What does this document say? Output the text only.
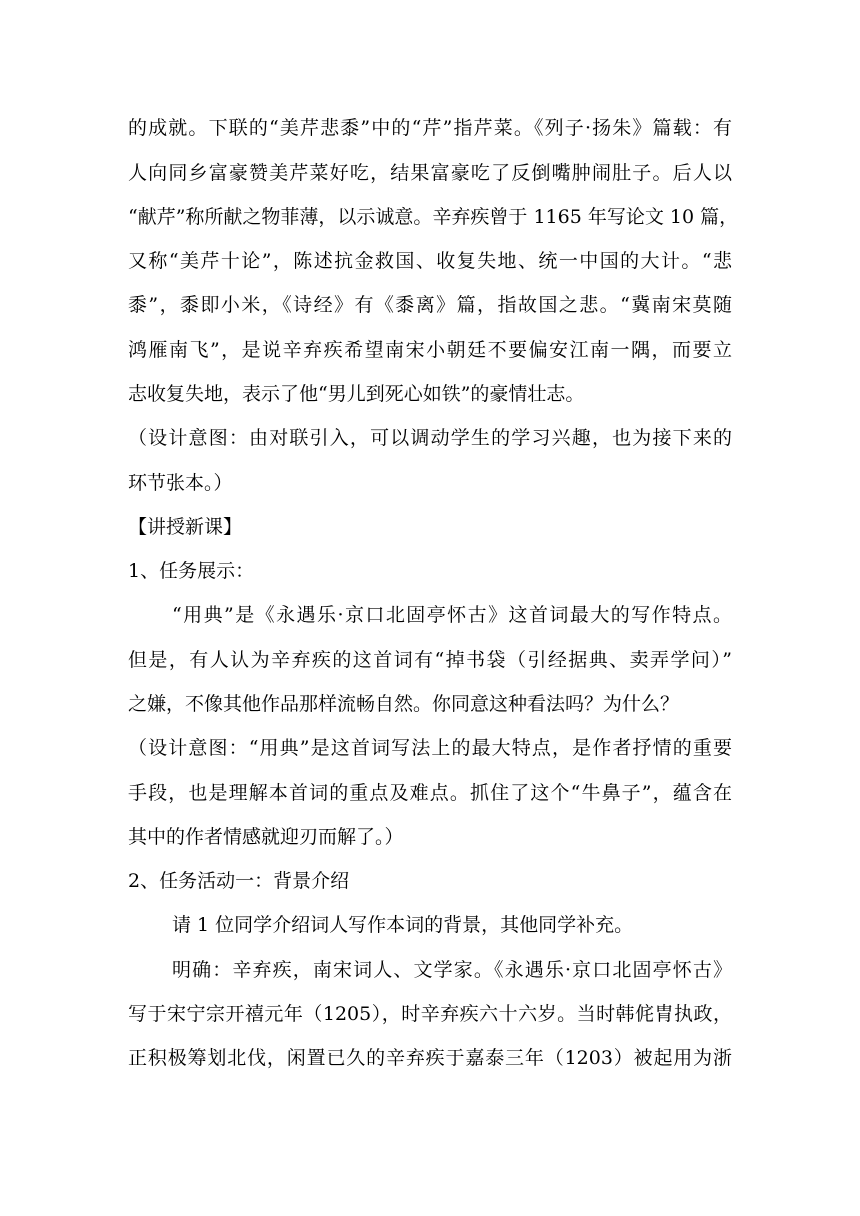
的成就。下联的“美芹悲黍”中的“芹”指芹菜。《列子·扬朱》篇载：有
人向同乡富豪赞美芹菜好吃，结果富豪吃了反倒嘴肿闹肚子。后人以
“献芹”称所献之物菲薄，以示诚意。辛弃疾曾于 1165 年写论文 10 篇，
又称“美芹十论”，陈述抗金救国、收复失地、统一中国的大计。“悲
黍”，黍即小米，《诗经》有《黍离》篇，指故国之悲。“冀南宋莫随
鸿雁南飞”，是说辛弃疾希望南宋小朝廷不要偏安江南一隅，而要立
志收复失地，表示了他“男儿到死心如铁”的豪情壮志。
（设计意图：由对联引入，可以调动学生的学习兴趣，也为接下来的
环节张本。）
【讲授新课】
1、任务展示：
“用典”是《永遇乐·京口北固亭怀古》这首词最大的写作特点。
但是，有人认为辛弃疾的这首词有“掉书袋（引经据典、卖弄学问）”
之嫌，不像其他作品那样流畅自然。你同意这种看法吗？为什么？
（设计意图：“用典”是这首词写法上的最大特点，是作者抒情的重要
手段，也是理解本首词的重点及难点。抓住了这个“牛鼻子”，蕴含在
其中的作者情感就迎刃而解了。）
2、任务活动一：背景介绍
请 1 位同学介绍词人写作本词的背景，其他同学补充。
明确：辛弃疾，南宋词人、文学家。《永遇乐·京口北固亭怀古》
写于宋宁宗开禧元年（1205），时辛弃疾六十六岁。当时韩侂胄执政，
正积极筹划北伐，闲置已久的辛弃疾于嘉泰三年（1203）被起用为浙
